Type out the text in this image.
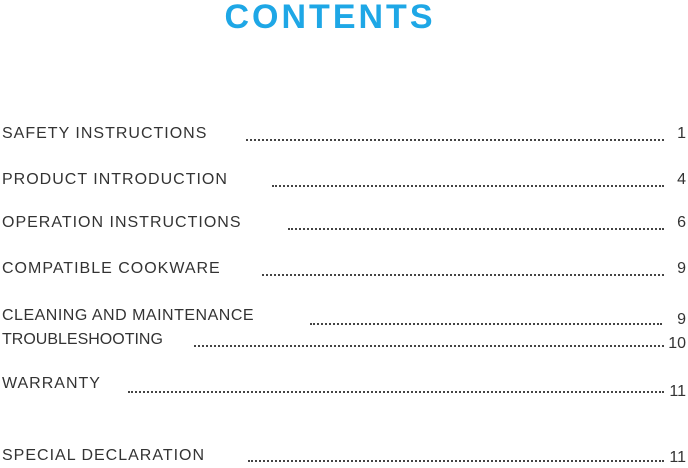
CONTENTS
SAFETY INSTRUCTIONS	1
PRODUCT INTRODUCTION	4
OPERATION INSTRUCTIONS	6
COMPATIBLE COOKWARE	9
CLEANING AND MAINTENANCE	9
TROUBLESHOOTING	10
WARRANTY	11
SPECIAL DECLARATION	11
